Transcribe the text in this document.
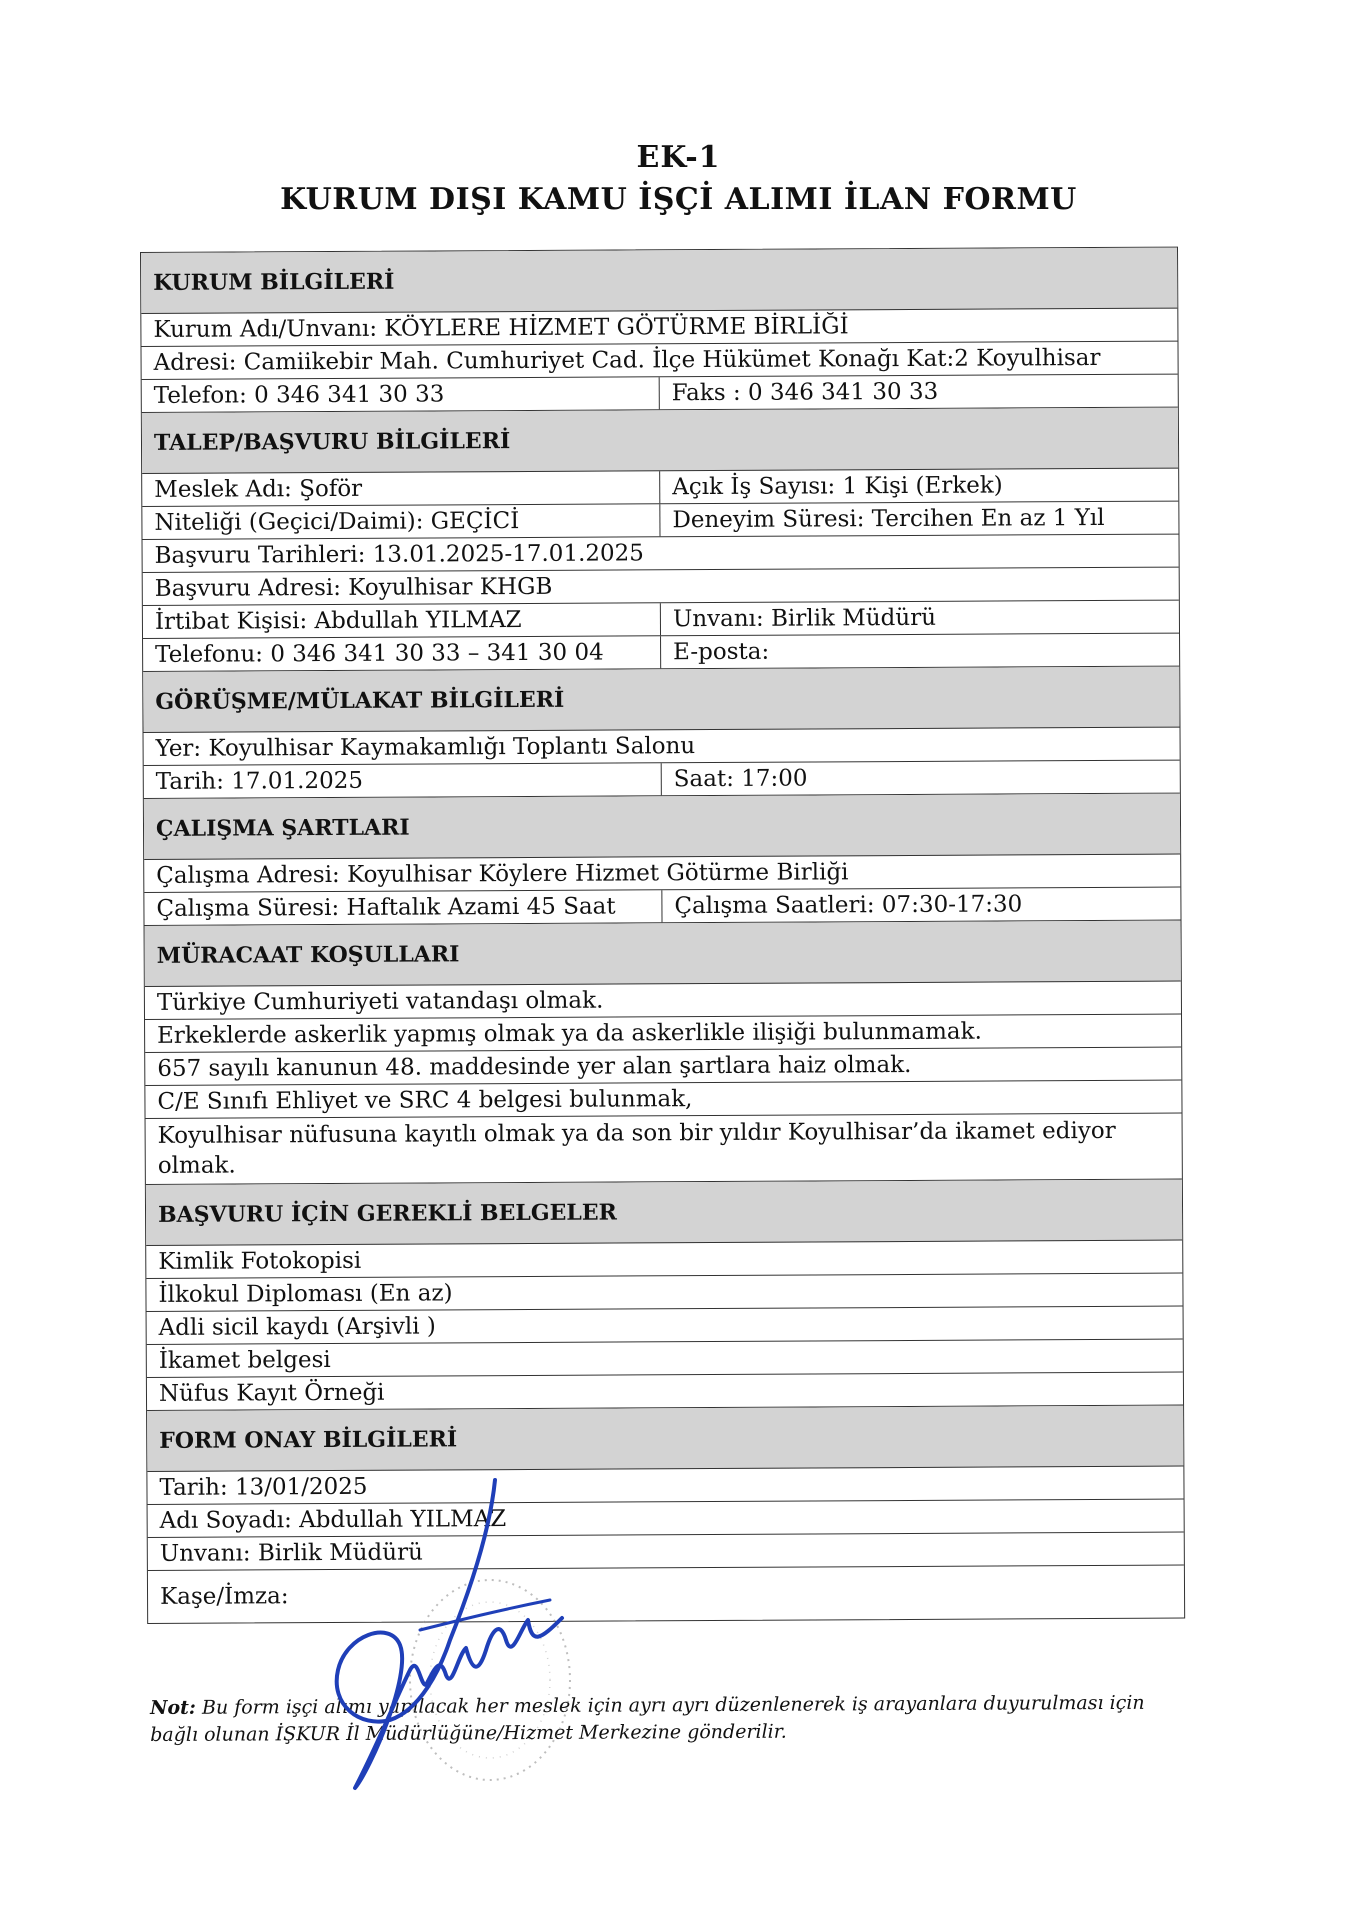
EK-1
KURUM DIŞI KAMU İŞÇİ ALIMI İLAN FORMU
KURUM BİLGİLERİ
Kurum Adı/Unvanı: KÖYLERE HİZMET GÖTÜRME BİRLİĞİ
Adresi: Camiikebir Mah. Cumhuriyet Cad. İlçe Hükümet Konağı Kat:2 Koyulhisar
Telefon: 0 346 341 30 33	Faks : 0 346 341 30 33
TALEP/BAŞVURU BİLGİLERİ
Meslek Adı: Şoför	Açık İş Sayısı: 1 Kişi (Erkek)
Niteliği (Geçici/Daimi): GEÇİCİ	Deneyim Süresi: Tercihen En az 1 Yıl
Başvuru Tarihleri: 13.01.2025-17.01.2025
Başvuru Adresi: Koyulhisar KHGB
İrtibat Kişisi: Abdullah YILMAZ	Unvanı: Birlik Müdürü
Telefonu: 0 346 341 30 33 – 341 30 04	E-posta:
GÖRÜŞME/MÜLAKAT BİLGİLERİ
Yer: Koyulhisar Kaymakamlığı Toplantı Salonu
Tarih: 17.01.2025	Saat: 17:00
ÇALIŞMA ŞARTLARI
Çalışma Adresi: Koyulhisar Köylere Hizmet Götürme Birliği
Çalışma Süresi: Haftalık Azami 45 Saat	Çalışma Saatleri: 07:30-17:30
MÜRACAAT KOŞULLARI
Türkiye Cumhuriyeti vatandaşı olmak.
Erkeklerde askerlik yapmış olmak ya da askerlikle ilişiği bulunmamak.
657 sayılı kanunun 48. maddesinde yer alan şartlara haiz olmak.
C/E Sınıfı Ehliyet ve SRC 4 belgesi bulunmak,
Koyulhisar nüfusuna kayıtlı olmak ya da son bir yıldır Koyulhisar’da ikamet ediyor olmak.
BAŞVURU İÇİN GEREKLİ BELGELER
Kimlik Fotokopisi
İlkokul Diploması (En az)
Adli sicil kaydı (Arşivli )
İkamet belgesi
Nüfus Kayıt Örneği
FORM ONAY BİLGİLERİ
Tarih: 13/01/2025
Adı Soyadı: Abdullah YILMAZ
Unvanı: Birlik Müdürü
Kaşe/İmza:
Not: Bu form işçi alımı yapılacak her meslek için ayrı ayrı düzenlenerek iş arayanlara duyurulması için bağlı olunan İŞKUR İl Müdürlüğüne/Hizmet Merkezine gönderilir.
